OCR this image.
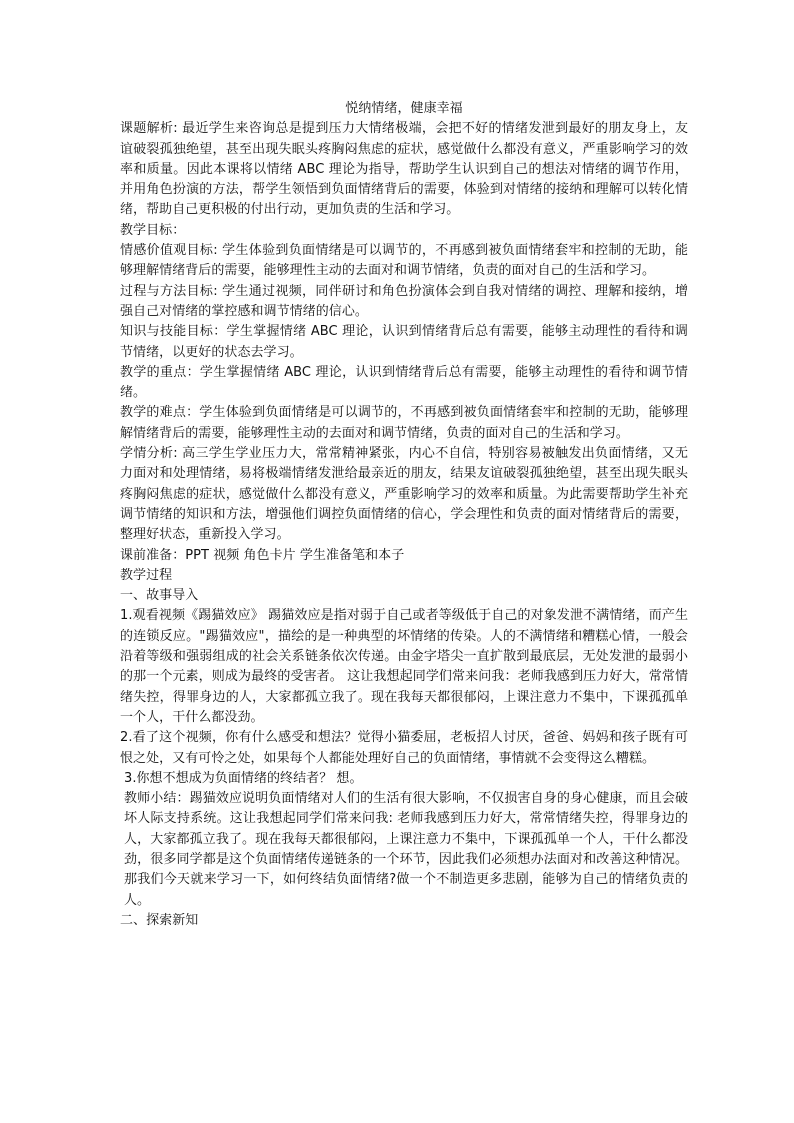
悦纳情绪，健康幸福

课题解析: 最近学生来咨询总是提到压力大情绪极端，会把不好的情绪发泄到最好的朋友身上，友谊破裂孤独绝望，甚至出现失眠头疼胸闷焦虑的症状，感觉做什么都没有意义，严重影响学习的效率和质量。因此本课将以情绪 ABC 理论为指导，帮助学生认识到自己的想法对情绪的调节作用，并用角色扮演的方法，帮学生领悟到负面情绪背后的需要，体验到对情绪的接纳和理解可以转化情绪，帮助自己更积极的付出行动，更加负责的生活和学习。

教学目标：

情感价值观目标: 学生体验到负面情绪是可以调节的，不再感到被负面情绪套牢和控制的无助，能够理解情绪背后的需要，能够理性主动的去面对和调节情绪，负责的面对自己的生活和学习。

过程与方法目标: 学生通过视频，同伴研讨和角色扮演体会到自我对情绪的调控、理解和接纳，增强自己对情绪的掌控感和调节情绪的信心。

知识与技能目标：学生掌握情绪 ABC 理论，认识到情绪背后总有需要，能够主动理性的看待和调节情绪，以更好的状态去学习。

教学的重点：学生掌握情绪 ABC 理论，认识到情绪背后总有需要，能够主动理性的看待和调节情绪。

教学的难点：学生体验到负面情绪是可以调节的，不再感到被负面情绪套牢和控制的无助，能够理解情绪背后的需要，能够理性主动的去面对和调节情绪，负责的面对自己的生活和学习。

学情分析: 高三学生学业压力大，常常精神紧张，内心不自信，特别容易被触发出负面情绪，又无力面对和处理情绪，易将极端情绪发泄给最亲近的朋友，结果友谊破裂孤独绝望，甚至出现失眠头疼胸闷焦虑的症状，感觉做什么都没有意义，严重影响学习的效率和质量。为此需要帮助学生补充调节情绪的知识和方法，增强他们调控负面情绪的信心，学会理性和负责的面对情绪背后的需要，整理好状态，重新投入学习。

课前准备：PPT 视频 角色卡片 学生准备笔和本子

教学过程

一、故事导入

1.观看视频《踢猫效应》 踢猫效应是指对弱于自己或者等级低于自己的对象发泄不满情绪，而产生的连锁反应。"踢猫效应"，描绘的是一种典型的坏情绪的传染。人的不满情绪和糟糕心情，一般会沿着等级和强弱组成的社会关系链条依次传递。由金字塔尖一直扩散到最底层，无处发泄的最弱小的那一个元素，则成为最终的受害者。 这让我想起同学们常来问我：老师我感到压力好大，常常情绪失控，得罪身边的人，大家都孤立我了。现在我每天都很郁闷，上课注意力不集中，下课孤孤单一个人，干什么都没劲。

2.看了这个视频，你有什么感受和想法？觉得小猫委屈，老板招人讨厌，爸爸、妈妈和孩子既有可恨之处，又有可怜之处，如果每个人都能处理好自己的负面情绪，事情就不会变得这么糟糕。

3.你想不想成为负面情绪的终结者？ 想。

教师小结：踢猫效应说明负面情绪对人们的生活有很大影响，不仅损害自身的身心健康，而且会破坏人际支持系统。这让我想起同学们常来问我: 老师我感到压力好大，常常情绪失控，得罪身边的人，大家都孤立我了。现在我每天都很郁闷，上课注意力不集中，下课孤孤单一个人，干什么都没劲，很多同学都是这个负面情绪传递链条的一个环节，因此我们必须想办法面对和改善这种情况。那我们今天就来学习一下，如何终结负面情绪?做一个不制造更多悲剧，能够为自己的情绪负责的人。

二、探索新知
